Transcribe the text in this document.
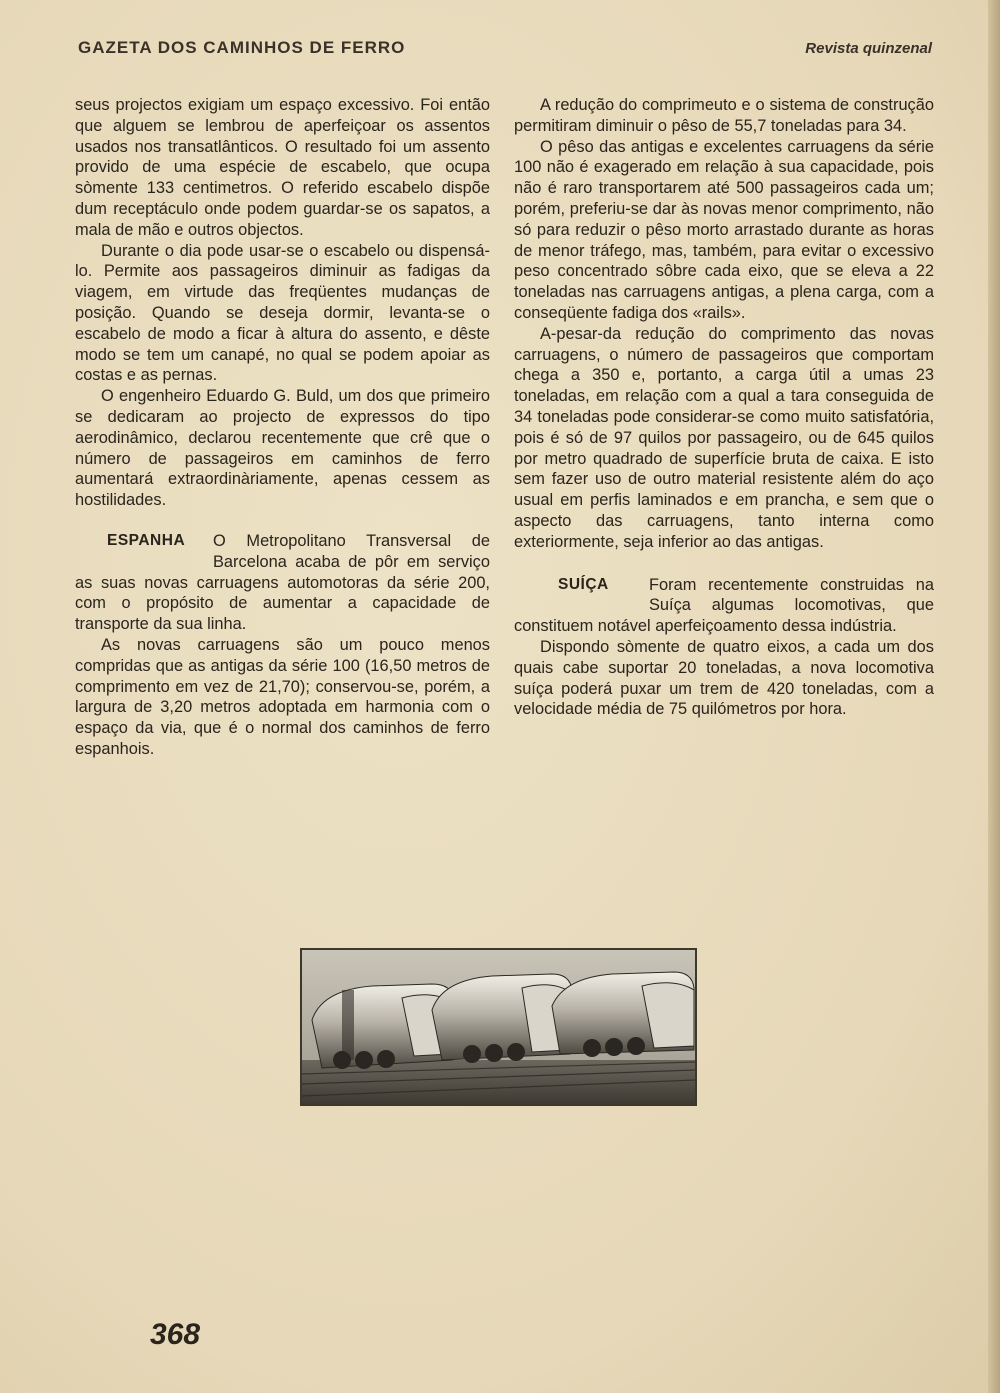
GAZETA DOS CAMINHOS DE FERRO	Revista quinzenal

seus projectos exigiam um espaço excessivo. Foi então que alguem se lembrou de aperfeiçoar os assentos usados nos transatlânticos. O resultado foi um assento provido de uma espécie de escabelo, que ocupa sòmente 133 centimetros. O referido escabelo dispõe dum receptáculo onde podem guardar-se os sapatos, a mala de mão e outros objectos.

Durante o dia pode usar-se o escabelo ou dispensá-lo. Permite aos passageiros diminuir as fadigas da viagem, em virtude das freqüentes mudanças de posição. Quando se deseja dormir, levanta-se o escabelo de modo a ficar à altura do assento, e dêste modo se tem um canapé, no qual se podem apoiar as costas e as pernas.

O engenheiro Eduardo G. Buld, um dos que primeiro se dedicaram ao projecto de expressos do tipo aerodinâmico, declarou recentemente que crê que o número de passageiros em caminhos de ferro aumentará extraordinàriamente, apenas cessem as hostilidades.

ESPANHA	O Metropolitano Transversal de Barcelona acaba de pôr em serviço as suas novas carruagens automotoras da série 200, com o propósito de aumentar a capacidade de transporte da sua linha.

As novas carruagens são um pouco menos compridas que as antigas da série 100 (16,50 metros de comprimento em vez de 21,70); conservou-se, porém, a largura de 3,20 metros adoptada em harmonia com o espaço da via, que é o normal dos caminhos de ferro espanhois.

A redução do comprimeuto e o sistema de construção permitiram diminuir o pêso de 55,7 toneladas para 34.

O pêso das antigas e excelentes carruagens da série 100 não é exagerado em relação à sua capacidade, pois não é raro transportarem até 500 passageiros cada um; porém, preferiu-se dar às novas menor comprimento, não só para reduzir o pêso morto arrastado durante as horas de menor tráfego, mas, também, para evitar o excessivo peso concentrado sôbre cada eixo, que se eleva a 22 toneladas nas carruagens antigas, a plena carga, com a conseqüente fadiga dos «rails».

A-pesar-da redução do comprimento das novas carruagens, o número de passageiros que comportam chega a 350 e, portanto, a carga útil a umas 23 toneladas, em relação com a qual a tara conseguida de 34 toneladas pode considerar-se como muito satisfatória, pois é só de 97 quilos por passageiro, ou de 645 quilos por metro quadrado de superfície bruta de caixa. E isto sem fazer uso de outro material resistente além do aço usual em perfis laminados e em prancha, e sem que o aspecto das carruagens, tanto interna como exteriormente, seja inferior ao das antigas.

SUÍÇA	Foram recentemente construidas na Suíça algumas locomotivas, que constituem notável aperfeiçoamento dessa indústria.

Dispondo sòmente de quatro eixos, a cada um dos quais cabe suportar 20 toneladas, a nova locomotiva suíça poderá puxar um trem de 420 toneladas, com a velocidade média de 75 quilómetros por hora.

368
